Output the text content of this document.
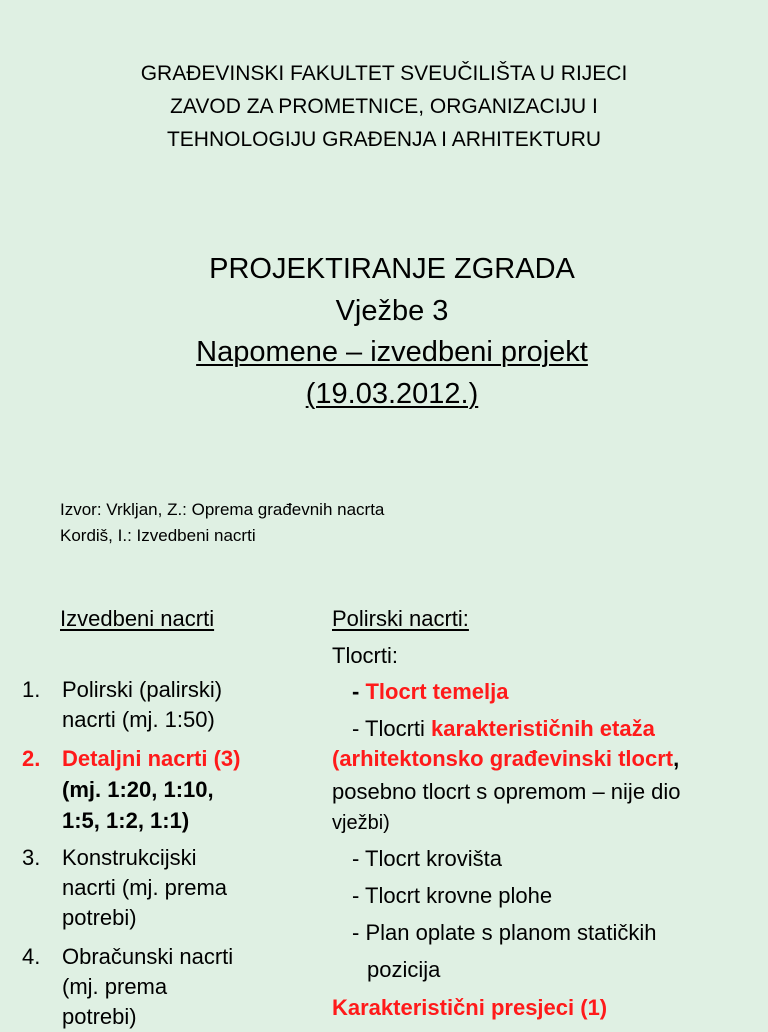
GRAĐEVINSKI FAKULTET SVEUČILIŠTA U RIJECI
ZAVOD ZA PROMETNICE, ORGANIZACIJU I
TEHNOLOGIJU GRAĐENJA I ARHITEKTURU
PROJEKTIRANJE ZGRADA
Vježbe 3
Napomene – izvedbeni projekt
(19.03.2012.)
Izvor: Vrkljan, Z.: Oprema građevnih nacrta
Kordiš, I.: Izvedbeni nacrti
Izvedbeni nacrti
1. Polirski (palirski)
nacrti (mj. 1:50)
2. Detaljni nacrti (3)
(mj. 1:20, 1:10,
1:5, 1:2, 1:1)
3. Konstrukcijski
nacrti (mj. prema
potrebi)
4. Obračunski nacrti
(mj. prema
potrebi)
Polirski nacrti:
Tlocrti:
- Tlocrt temelja
- Tlocrti karakterističnih etaža
(arhitektonsko građevinski tlocrt,
posebno tlocrt s opremom – nije dio
vježbi)
- Tlocrt krovišta
- Tlocrt krovne plohe
- Plan oplate s planom statičkih
pozicija
Karakteristični presjeci (1)
